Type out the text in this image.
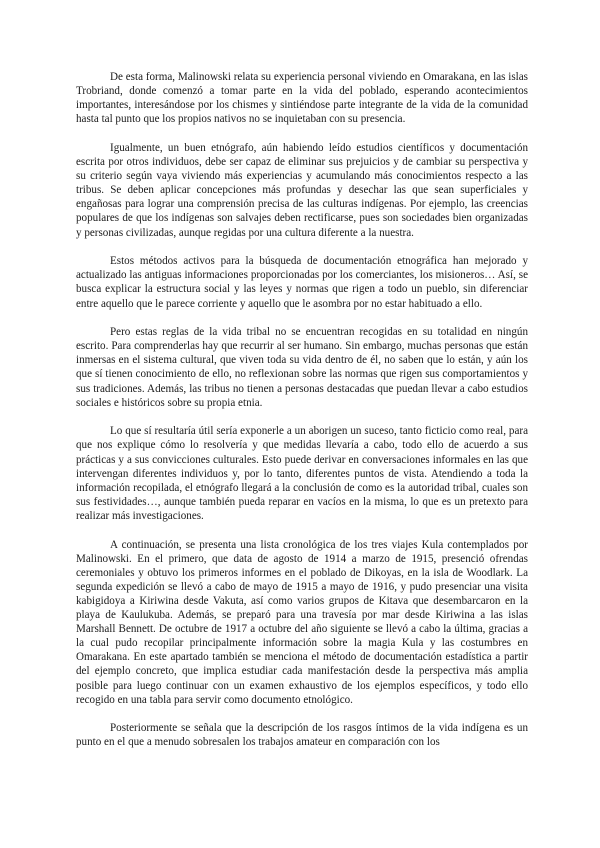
De esta forma, Malinowski relata su experiencia personal viviendo en Omarakana, en las islas Trobriand, donde comenzó a tomar parte en la vida del poblado, esperando acontecimientos importantes, interesándose por los chismes y sintiéndose parte integrante de la vida de la comunidad hasta tal punto que los propios nativos no se inquietaban con su presencia.

Igualmente, un buen etnógrafo, aún habiendo leído estudios científicos y documentación escrita por otros individuos, debe ser capaz de eliminar sus prejuicios y de cambiar su perspectiva y su criterio según vaya viviendo más experiencias y acumulando más conocimientos respecto a las tribus. Se deben aplicar concepciones más profundas y desechar las que sean superficiales y engañosas para lograr una comprensión precisa de las culturas indígenas. Por ejemplo, las creencias populares de que los indígenas son salvajes deben rectificarse, pues son sociedades bien organizadas y personas civilizadas, aunque regidas por una cultura diferente a la nuestra.

Estos métodos activos para la búsqueda de documentación etnográfica han mejorado y actualizado las antiguas informaciones proporcionadas por los comerciantes, los misioneros… Así, se busca explicar la estructura social y las leyes y normas que rigen a todo un pueblo, sin diferenciar entre aquello que le parece corriente y aquello que le asombra por no estar habituado a ello.

Pero estas reglas de la vida tribal no se encuentran recogidas en su totalidad en ningún escrito. Para comprenderlas hay que recurrir al ser humano. Sin embargo, muchas personas que están inmersas en el sistema cultural, que viven toda su vida dentro de él, no saben que lo están, y aún los que sí tienen conocimiento de ello, no reflexionan sobre las normas que rigen sus comportamientos y sus tradiciones. Además, las tribus no tienen a personas destacadas que puedan llevar a cabo estudios sociales e históricos sobre su propia etnia.

Lo que sí resultaría útil sería exponerle a un aborigen un suceso, tanto ficticio como real, para que nos explique cómo lo resolvería y que medidas llevaría a cabo, todo ello de acuerdo a sus prácticas y a sus convicciones culturales. Esto puede derivar en conversaciones informales en las que intervengan diferentes individuos y, por lo tanto, diferentes puntos de vista. Atendiendo a toda la información recopilada, el etnógrafo llegará a la conclusión de como es la autoridad tribal, cuales son sus festividades…, aunque también pueda reparar en vacíos en la misma, lo que es un pretexto para realizar más investigaciones.

A continuación, se presenta una lista cronológica de los tres viajes Kula contemplados por Malinowski. En el primero, que data de agosto de 1914 a marzo de 1915, presenció ofrendas ceremoniales y obtuvo los primeros informes en el poblado de Dikoyas, en la isla de Woodlark. La segunda expedición se llevó a cabo de mayo de 1915 a mayo de 1916, y pudo presenciar una visita kabigidoya a Kiriwina desde Vakuta, así como varios grupos de Kitava que desembarcaron en la playa de Kaulukuba. Además, se preparó para una travesía por mar desde Kiriwina a las islas Marshall Bennett. De octubre de 1917 a octubre del año siguiente se llevó a cabo la última, gracias a la cual pudo recopilar principalmente información sobre la magia Kula y las costumbres en Omarakana. En este apartado también se menciona el método de documentación estadística a partir del ejemplo concreto, que implica estudiar cada manifestación desde la perspectiva más amplia posible para luego continuar con un examen exhaustivo de los ejemplos específicos, y todo ello recogido en una tabla para servir como documento etnológico.

Posteriormente se señala que la descripción de los rasgos íntimos de la vida indígena es un punto en el que a menudo sobresalen los trabajos amateur en comparación con los
